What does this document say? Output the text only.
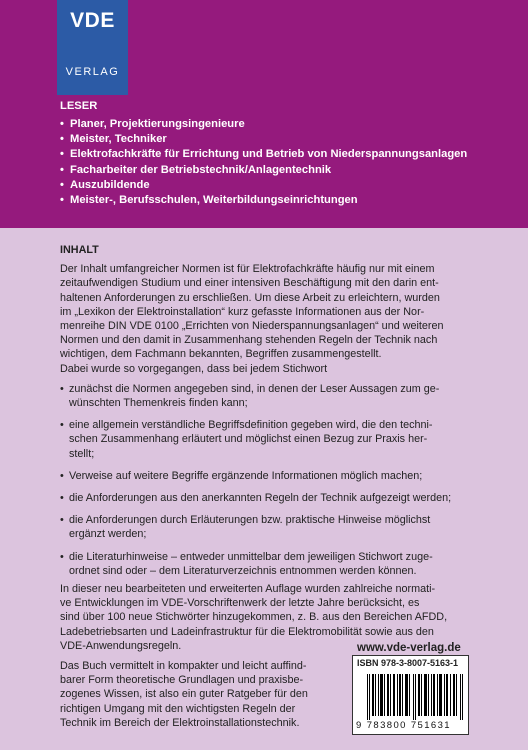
VDE
VERLAG
LESER
• Planer, Projektierungsingenieure
• Meister, Techniker
• Elektrofachkräfte für Errichtung und Betrieb von Niederspannungsanlagen
• Facharbeiter der Betriebstechnik/Anlagentechnik
• Auszubildende
• Meister-, Berufsschulen, Weiterbildungseinrichtungen
INHALT
Der Inhalt umfangreicher Normen ist für Elektrofachkräfte häufig nur mit einem
zeitaufwendigen Studium und einer intensiven Beschäftigung mit den darin ent-
haltenen Anforderungen zu erschließen. Um diese Arbeit zu erleichtern, wurden
im „Lexikon der Elektroinstallation“ kurz gefasste Informationen aus der Nor-
menreihe DIN VDE 0100 „Errichten von Niederspannungsanlagen“ und weiteren
Normen und den damit in Zusammenhang stehenden Regeln der Technik nach
wichtigen, dem Fachmann bekannten, Begriffen zusammengestellt.
Dabei wurde so vorgegangen, dass bei jedem Stichwort
• zunächst die Normen angegeben sind, in denen der Leser Aussagen zum ge-
wünschten Themenkreis finden kann;
• eine allgemein verständliche Begriffsdefinition gegeben wird, die den techni-
schen Zusammenhang erläutert und möglichst einen Bezug zur Praxis her-
stellt;
• Verweise auf weitere Begriffe ergänzende Informationen möglich machen;
• die Anforderungen aus den anerkannten Regeln der Technik aufgezeigt werden;
• die Anforderungen durch Erläuterungen bzw. praktische Hinweise möglichst
ergänzt werden;
• die Literaturhinweise – entweder unmittelbar dem jeweiligen Stichwort zuge-
ordnet sind oder – dem Literaturverzeichnis entnommen werden können.
In dieser neu bearbeiteten und erweiterten Auflage wurden zahlreiche normati-
ve Entwicklungen im VDE-Vorschriftenwerk der letzte Jahre berücksicht, es
sind über 100 neue Stichwörter hinzugekommen, z. B. aus den Bereichen AFDD,
Ladebetriebsarten und Ladeinfrastruktur für die Elektromobilität sowie aus den
VDE-Anwendungsregeln.
Das Buch vermittelt in kompakter und leicht auffind-
barer Form theoretische Grundlagen und praxisbe-
zogenes Wissen, ist also ein guter Ratgeber für den
richtigen Umgang mit den wichtigsten Regeln der
Technik im Bereich der Elektroinstallationstechnik.
www.vde-verlag.de
ISBN 978-3-8007-5163-1
9 783800 751631
